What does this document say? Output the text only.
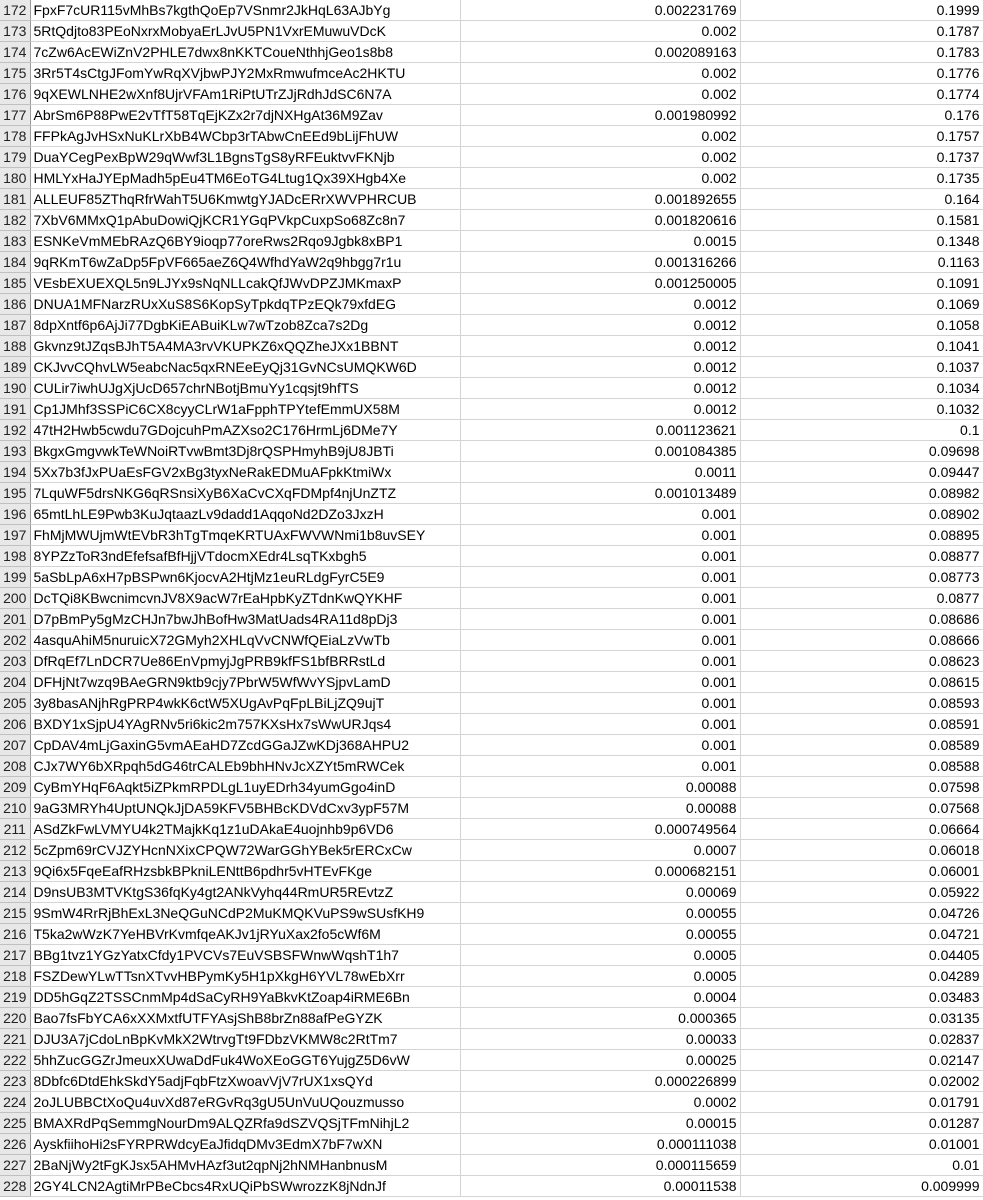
172	FpxF7cUR115vMhBs7kgthQoEp7VSnmr2JkHqL63AJbYg	0.002231769	0.1999
173	5RtQdjto83PEoNxrxMobyaErLJvU5PN1VxrEMuwuVDcK	0.002	0.1787
174	7cZw6AcEWiZnV2PHLE7dwx8nKKTCoueNthhjGeo1s8b8	0.002089163	0.1783
175	3Rr5T4sCtgJFomYwRqXVjbwPJY2MxRmwufmceAc2HKTU	0.002	0.1776
176	9qXEWLNHE2wXnf8UjrVFAm1RiPtUTrZJjRdhJdSC6N7A	0.002	0.1774
177	AbrSm6P88PwE2vTfT58TqEjKZx2r7djNXHgAt36M9Zav	0.001980992	0.176
178	FFPkAgJvHSxNuKLrXbB4WCbp3rTAbwCnEEd9bLijFhUW	0.002	0.1757
179	DuaYCegPexBpW29qWwf3L1BgnsTgS8yRFEuktvvFKNjb	0.002	0.1737
180	HMLYxHaJYEpMadh5pEu4TM6EoTG4Ltug1Qx39XHgb4Xe	0.002	0.1735
181	ALLEUF85ZThqRfrWahT5U6KmwtgYJADcERrXWVPHRCUB	0.001892655	0.164
182	7XbV6MMxQ1pAbuDowiQjKCR1YGqPVkpCuxpSo68Zc8n7	0.001820616	0.1581
183	ESNKeVmMEbRAzQ6BY9ioqp77oreRws2Rqo9Jgbk8xBP1	0.0015	0.1348
184	9qRKmT6wZaDp5FpVF665aeZ6Q4WfhdYaW2q9hbgg7r1u	0.001316266	0.1163
185	VEsbEXUEXQL5n9LJYx9sNqNLLcakQfJWvDPZJMKmaxP	0.001250005	0.1091
186	DNUA1MFNarzRUxXuS8S6KopSyTpkdqTPzEQk79xfdEG	0.0012	0.1069
187	8dpXntf6p6AjJi77DgbKiEABuiKLw7wTzob8Zca7s2Dg	0.0012	0.1058
188	Gkvnz9tJZqsBJhT5A4MA3rvVKUPKZ6xQQZheJXx1BBNT	0.0012	0.1041
189	CKJvvCQhvLW5eabcNac5qxRNEeEyQj31GvNCsUMQKW6D	0.0012	0.1037
190	CULir7iwhUJgXjUcD657chrNBotjBmuYy1cqsjt9hfTS	0.0012	0.1034
191	Cp1JMhf3SSPiC6CX8cyyCLrW1aFpphTPYtefEmmUX58M	0.0012	0.1032
192	47tH2Hwb5cwdu7GDojcuhPmAZXso2C176HrmLj6DMe7Y	0.001123621	0.1
193	BkgxGmgvwkTeWNoiRTvwBmt3Dj8rQSPHmyhB9jU8JBTi	0.001084385	0.09698
194	5Xx7b3fJxPUaEsFGV2xBg3tyxNeRakEDMuAFpkKtmiWx	0.0011	0.09447
195	7LquWF5drsNKG6qRSnsiXyB6XaCvCXqFDMpf4njUnZTZ	0.001013489	0.08982
196	65mtLhLE9Pwb3KuJqtaazLv9dadd1AqqoNd2DZo3JxzH	0.001	0.08902
197	FhMjMWUjmWtEVbR3hTgTmqeKRTUAxFWVWNmi1b8uvSEY	0.001	0.08895
198	8YPZzToR3ndEfefsafBfHjjVTdocmXEdr4LsqTKxbgh5	0.001	0.08877
199	5aSbLpA6xH7pBSPwn6KjocvA2HtjMz1euRLdgFyrC5E9	0.001	0.08773
200	DcTQi8KBwcnimcvnJV8X9acW7rEaHpbKyZTdnKwQYKHF	0.001	0.0877
201	D7pBmPy5gMzCHJn7bwJhBofHw3MatUads4RA11d8pDj3	0.001	0.08686
202	4asquAhiM5nuruicX72GMyh2XHLqVvCNWfQEiaLzVwTb	0.001	0.08666
203	DfRqEf7LnDCR7Ue86EnVpmyjJgPRB9kfFS1bfBRRstLd	0.001	0.08623
204	DFHjNt7wzq9BAeGRN9ktb9cjy7PbrW5WfWvYSjpvLamD	0.001	0.08615
205	3y8basANjhRgPRP4wkK6ctW5XUgAvPqFpLBiLjZQ9ujT	0.001	0.08593
206	BXDY1xSjpU4YAgRNv5ri6kic2m757KXsHx7sWwURJqs4	0.001	0.08591
207	CpDAV4mLjGaxinG5vmAEaHD7ZcdGGaJZwKDj368AHPU2	0.001	0.08589
208	CJx7WY6bXRpqh5dG46trCALEb9bhHNvJcXZYt5mRWCek	0.001	0.08588
209	CyBmYHqF6Aqkt5iZPkmRPDLgL1uyEDrh34yumGgo4inD	0.00088	0.07598
210	9aG3MRYh4UptUNQkJjDA59KFV5BHBcKDVdCxv3ypF57M	0.00088	0.07568
211	ASdZkFwLVMYU4k2TMajkKq1z1uDAkaE4uojnhb9p6VD6	0.000749564	0.06664
212	5cZpm69rCVJZYHcnNXixCPQW72WarGGhYBek5rERCxCw	0.0007	0.06018
213	9Qi6x5FqeEafRHzsbkBPkniLENttB6pdhr5vHTEvFKge	0.000682151	0.06001
214	D9nsUB3MTVKtgS36fqKy4gt2ANkVyhq44RmUR5REvtzZ	0.00069	0.05922
215	9SmW4RrRjBhExL3NeQGuNCdP2MuKMQKVuPS9wSUsfKH9	0.00055	0.04726
216	T5ka2wWzK7YeHBVrKvmfqeAKJv1jRYuXax2fo5cWf6M	0.00055	0.04721
217	BBg1tvz1YGzYatxCfdy1PVCVs7EuVSBSFWnwWqshT1h7	0.0005	0.04405
218	FSZDewYLwTTsnXTvvHBPymKy5H1pXkgH6YVL78wEbXrr	0.0005	0.04289
219	DD5hGqZ2TSSCnmMp4dSaCyRH9YaBkvKtZoap4iRME6Bn	0.0004	0.03483
220	Bao7fsFbYCA6xXXMxtfUTFYAsjShB8brZn88afPeGYZK	0.000365	0.03135
221	DJU3A7jCdoLnBpKvMkX2WtrvgTt9FDbzVKMW8c2RtTm7	0.00033	0.02837
222	5hhZucGGZrJmeuxXUwaDdFuk4WoXEoGGT6YujgZ5D6vW	0.00025	0.02147
223	8Dbfc6DtdEhkSkdY5adjFqbFtzXwoavVjV7rUX1xsQYd	0.000226899	0.02002
224	2oJLUBBCtXoQu4uvXd87eRGvRq3gU5UnVuUQouzmusso	0.0002	0.01791
225	BMAXRdPqSemmgNourDm9ALQZRfa9dSZVQSjTFmNihjL2	0.00015	0.01287
226	AyskfiihoHi2sFYRPRWdcyEaJfidqDMv3EdmX7bF7wXN	0.000111038	0.01001
227	2BaNjWy2tFgKJsx5AHMvHAzf3ut2qpNj2hNMHanbnusM	0.000115659	0.01
228	2GY4LCN2AgtiMrPBeCbcs4RxUQiPbSWwrozzK8jNdnJf	0.00011538	0.009999
